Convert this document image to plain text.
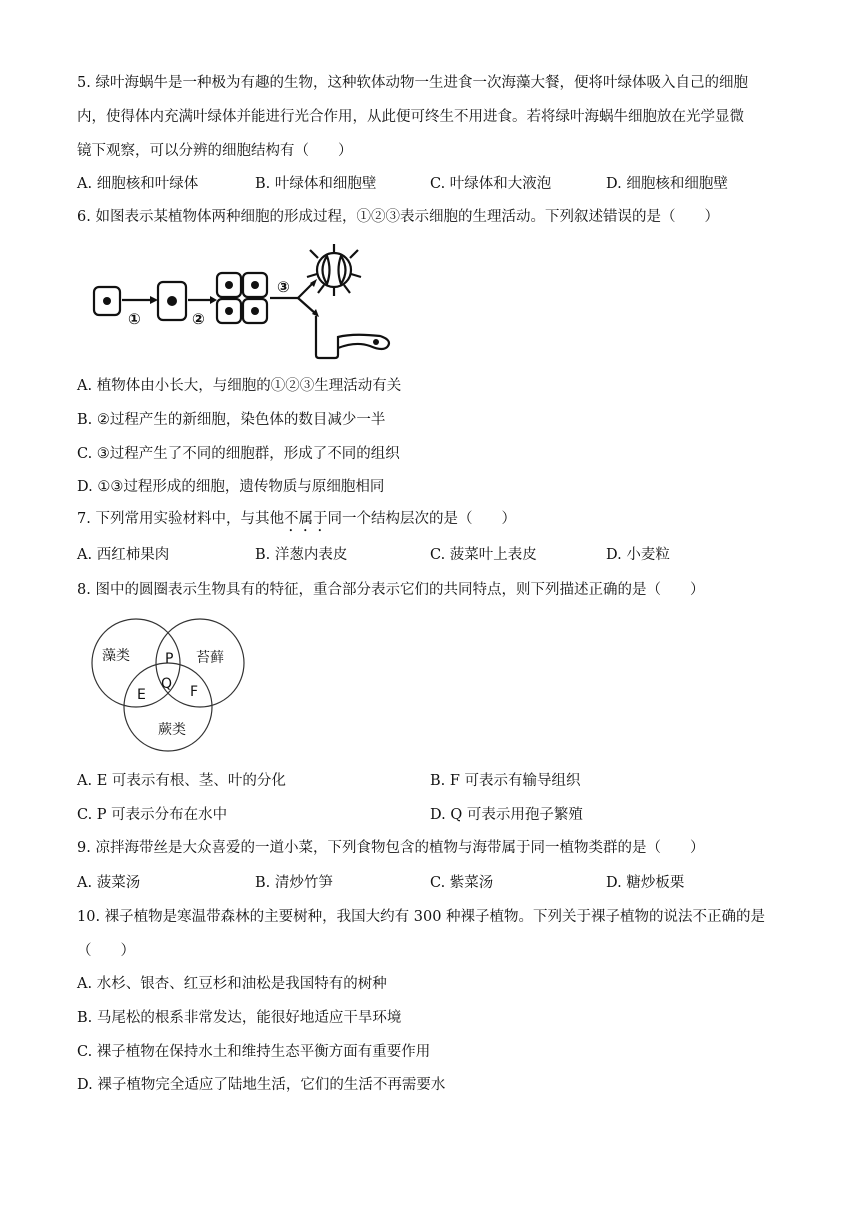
5. 绿叶海蜗牛是一种极为有趣的生物，这种软体动物一生进食一次海藻大餐，便将叶绿体吸入自己的细胞
内，使得体内充满叶绿体并能进行光合作用，从此便可终生不用进食。若将绿叶海蜗牛细胞放在光学显微
镜下观察，可以分辨的细胞结构有（　　）
A. 细胞核和叶绿体	B. 叶绿体和细胞壁	C. 叶绿体和大液泡	D. 细胞核和细胞壁
6. 如图表示某植物体两种细胞的形成过程，①②③表示细胞的生理活动。下列叙述错误的是（　　）
①	②
③
A. 植物体由小长大，与细胞的①②③生理活动有关
B. ②过程产生的新细胞，染色体的数目减少一半
C. ③过程产生了不同的细胞群，形成了不同的组织
D. ①③过程形成的细胞，遗传物质与原细胞相同
7. 下列常用实验材料中，与其他不属于同一个结构层次的是（　　）
A. 西红柿果肉	B. 洋葱内表皮	C. 菠菜叶上表皮	D. 小麦粒
8. 图中的圆圈表示生物具有的特征，重合部分表示它们的共同特点，则下列描述正确的是（　　）
藻类	苔藓
蕨类
P
Q
E	F
A. E 可表示有根、茎、叶的分化	B. F 可表示有输导组织
C. P 可表示分布在水中	D. Q 可表示用孢子繁殖
9. 凉拌海带丝是大众喜爱的一道小菜，下列食物包含的植物与海带属于同一植物类群的是（　　）
A. 菠菜汤	B. 清炒竹笋	C. 紫菜汤	D. 糖炒板栗
10. 裸子植物是寒温带森林的主要树种，我国大约有 300 种裸子植物。下列关于裸子植物的说法不正确的是
（　　）
A. 水杉、银杏、红豆杉和油松是我国特有的树种
B. 马尾松的根系非常发达，能很好地适应干旱环境
C. 裸子植物在保持水土和维持生态平衡方面有重要作用
D. 裸子植物完全适应了陆地生活，它们的生活不再需要水
